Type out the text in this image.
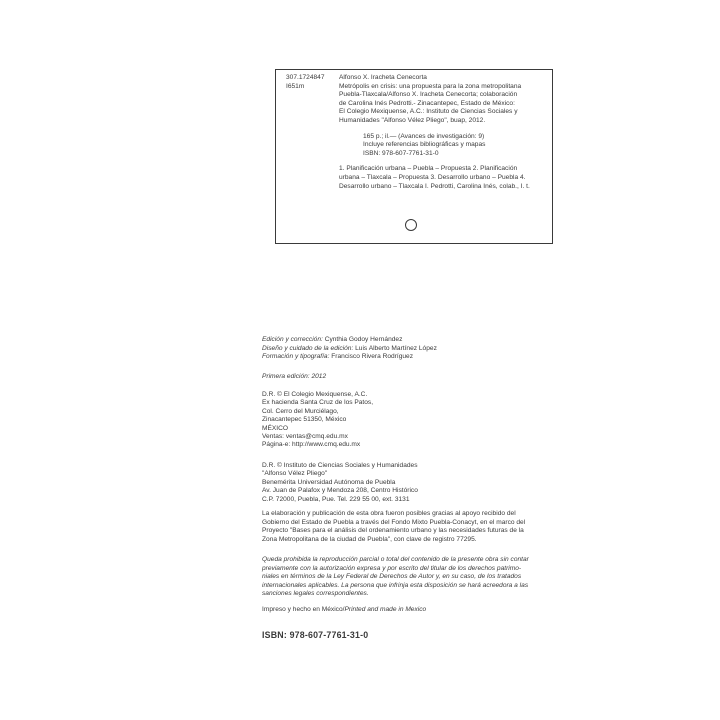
307.1724847
I651m
Alfonso X. Iracheta Cenecorta
Metrópolis en crisis: una propuesta para la zona metropolitana
Puebla-Tlaxcala/Alfonso X. Iracheta Cenecorta; colaboración
de Carolina Inés Pedrotti.- Zinacantepec, Estado de México:
El Colegio Mexiquense, A.C.: Instituto de Ciencias Sociales y
Humanidades "Alfonso Vélez Pliego", buap, 2012.
165 p.; il.— (Avances de investigación: 9)
Incluye referencias bibliográficas y mapas
ISBN: 978-607-7761-31-0
1. Planificación urbana – Puebla – Propuesta 2. Planificación
urbana – Tlaxcala – Propuesta 3. Desarrollo urbano – Puebla 4.
Desarrollo urbano – Tlaxcala I. Pedrotti, Carolina Inés, colab., I. t.
Edición y corrección: Cynthia Godoy Hernández
Diseño y cuidado de la edición: Luis Alberto Martínez López
Formación y tipografía: Francisco Rivera Rodríguez
Primera edición: 2012
D.R. © El Colegio Mexiquense, A.C.
Ex hacienda Santa Cruz de los Patos,
Col. Cerro del Murciélago,
Zinacantepec 51350, México
MÉXICO
Ventas: ventas@cmq.edu.mx
Página-e: http://www.cmq.edu.mx
D.R. © Instituto de Ciencias Sociales y Humanidades
"Alfonso Vélez Pliego"
Benemérita Universidad Autónoma de Puebla
Av. Juan de Palafox y Mendoza 208, Centro Histórico
C.P. 72000, Puebla, Pue. Tel. 229 55 00, ext. 3131
La elaboración y publicación de esta obra fueron posibles gracias al apoyo recibido del
Gobierno del Estado de Puebla a través del Fondo Mixto Puebla-Conacyt, en el marco del
Proyecto "Bases para el análisis del ordenamiento urbano y las necesidades futuras de la
Zona Metropolitana de la ciudad de Puebla", con clave de registro 77295.
Queda prohibida la reproducción parcial o total del contenido de la presente obra sin contar
previamente con la autorización expresa y por escrito del titular de los derechos patrimo-
niales en términos de la Ley Federal de Derechos de Autor y, en su caso, de los tratados
internacionales aplicables. La persona que infrinja esta disposición se hará acreedora a las
sanciones legales correspondientes.
Impreso y hecho en México/Printed and made in Mexico
ISBN: 978-607-7761-31-0
